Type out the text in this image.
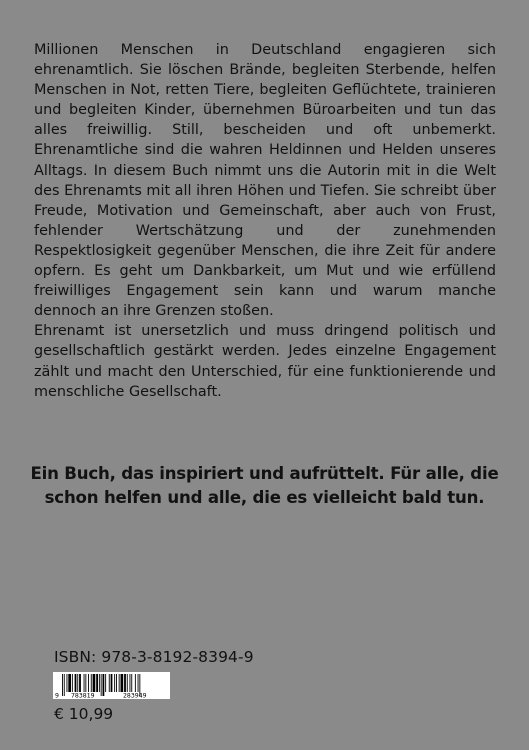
Millionen Menschen in Deutschland engagieren sich ehrenamtlich. Sie löschen Brände, begleiten Sterbende, helfen Menschen in Not, retten Tiere, begleiten Geflüchtete, trainieren und begleiten Kinder, übernehmen Büroarbeiten und tun das alles freiwillig. Still, bescheiden und oft unbemerkt. Ehrenamtliche sind die wahren Heldinnen und Helden unseres Alltags. In diesem Buch nimmt uns die Autorin mit in die Welt des Ehrenamts mit all ihren Höhen und Tiefen. Sie schreibt über Freude, Motivation und Gemeinschaft, aber auch von Frust, fehlender Wertschätzung und der zunehmenden Respektlosigkeit gegenüber Menschen, die ihre Zeit für andere opfern. Es geht um Dankbarkeit, um Mut und wie erfüllend freiwilliges Engagement sein kann und warum manche dennoch an ihre Grenzen stoßen.

Ehrenamt ist unersetzlich und muss dringend politisch und gesellschaftlich gestärkt werden. Jedes einzelne Engagement zählt und macht den Unterschied, für eine funktionierende und menschliche Gesellschaft.

Ein Buch, das inspiriert und aufrüttelt. Für alle, die

schon helfen und alle, die es vielleicht bald tun.

ISBN: 978-3-8192-8394-9
9 783819	283949
€ 10,99
